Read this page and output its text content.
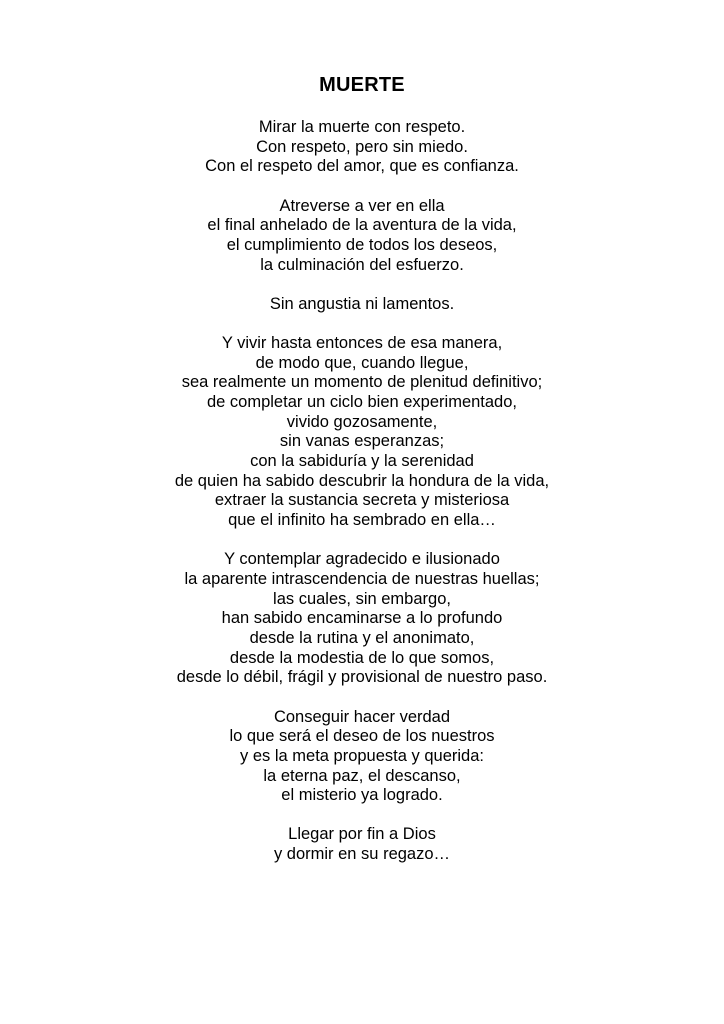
MUERTE
Mirar la muerte con respeto.
Con respeto, pero sin miedo.
Con el respeto del amor, que es confianza.
Atreverse a ver en ella
el final anhelado de la aventura de la vida,
el cumplimiento de todos los deseos,
la culminación del esfuerzo.
Sin angustia ni lamentos.
Y vivir hasta entonces de esa manera,
de modo que, cuando llegue,
sea realmente un momento de plenitud definitivo;
de completar un ciclo bien experimentado,
vivido gozosamente,
sin vanas esperanzas;
con la sabiduría y la serenidad
de quien ha sabido descubrir la hondura de la vida,
extraer la sustancia secreta y misteriosa
que el infinito ha sembrado en ella…
Y contemplar agradecido e ilusionado
la aparente intrascendencia de nuestras huellas;
las cuales, sin embargo,
han sabido encaminarse a lo profundo
desde la rutina y el anonimato,
desde la modestia de lo que somos,
desde lo débil, frágil y provisional de nuestro paso.
Conseguir hacer verdad
lo que será el deseo de los nuestros
y es la meta propuesta y querida:
la eterna paz, el descanso,
el misterio ya logrado.
Llegar por fin a Dios
y dormir en su regazo…
